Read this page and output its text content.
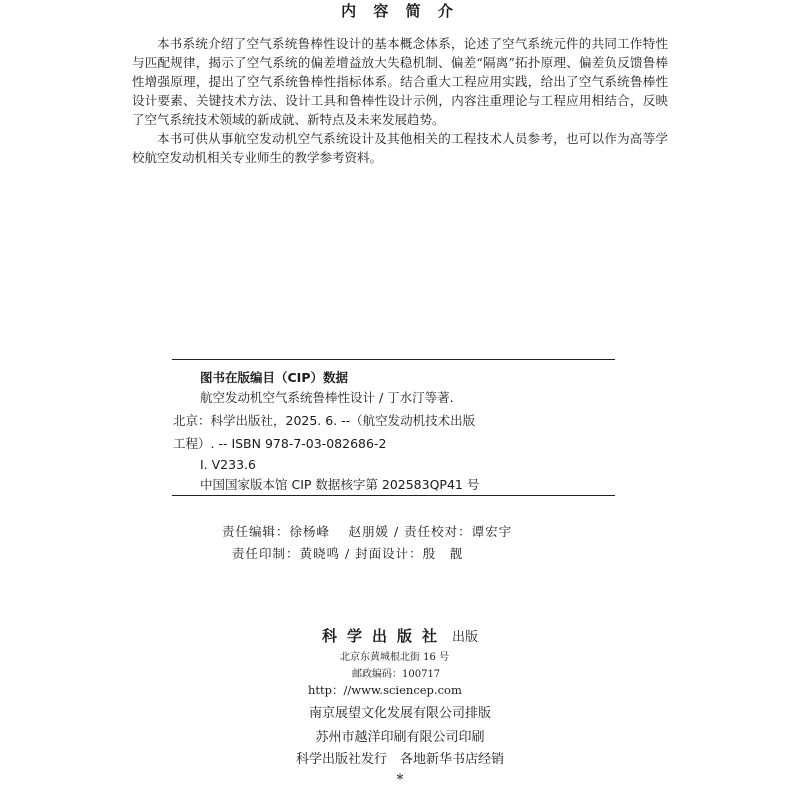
内 容 简 介

本书系统介绍了空气系统鲁棒性设计的基本概念体系，论述了空气系统元件的共同工作特性与匹配规律，揭示了空气系统的偏差增益放大失稳机制、偏差“隔离”拓扑原理、偏差负反馈鲁棒性增强原理，提出了空气系统鲁棒性指标体系。结合重大工程应用实践，给出了空气系统鲁棒性设计要素、关键技术方法、设计工具和鲁棒性设计示例，内容注重理论与工程应用相结合，反映了空气系统技术领域的新成就、新特点及未来发展趋势。

本书可供从事航空发动机空气系统设计及其他相关的工程技术人员参考，也可以作为高等学校航空发动机相关专业师生的教学参考资料。

图书在版编目（CIP）数据
航空发动机空气系统鲁棒性设计 / 丁水汀等著.
北京：科学出版社，2025. 6. --（航空发动机技术出版
工程）. -- ISBN 978-7-03-082686-2
Ⅰ. V233.6
中国国家版本馆 CIP 数据核字第 202583QP41 号
责任编辑：徐杨峰　 赵朋媛 / 责任校对：谭宏宇
责任印制：黄晓鸣 / 封面设计：殷　靓
科学出版社 出版
北京东黄城根北街 16 号
邮政编码：100717
http：//www.sciencep.com
南京展望文化发展有限公司排版
苏州市越洋印刷有限公司印刷
科学出版社发行　各地新华书店经销
*
